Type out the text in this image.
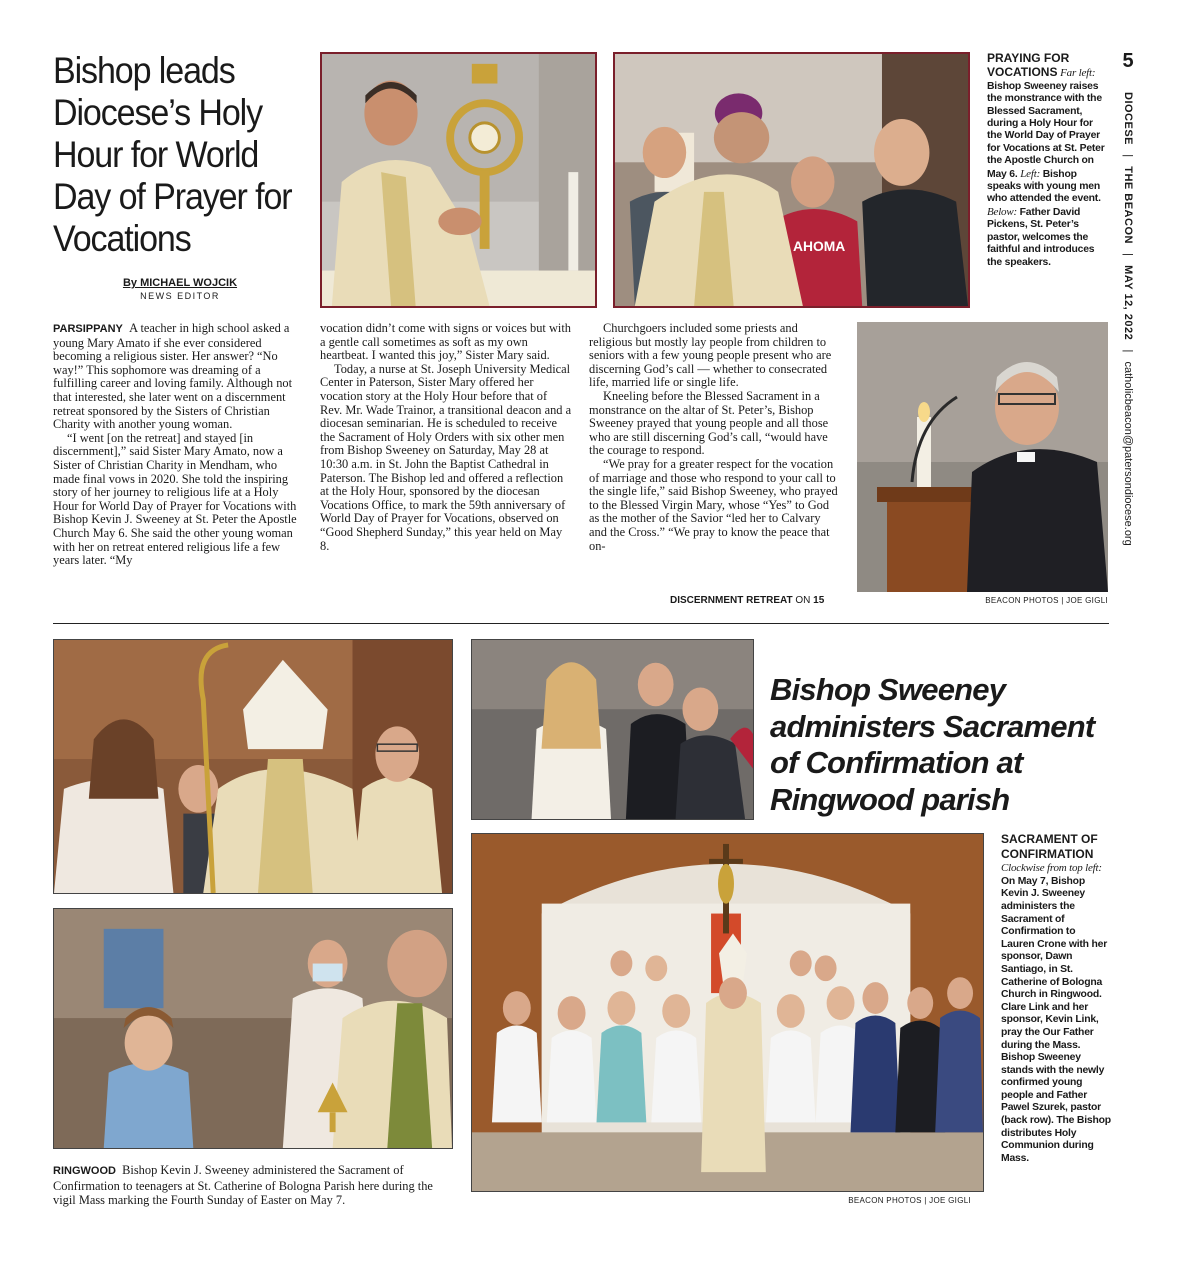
Bishop leads Diocese’s Holy Hour for World Day of Prayer for Vocations
By MICHAEL WOJCIK
NEWS EDITOR

PARSIPPANY A teacher in high school asked a young Mary Amato if she ever considered becoming a religious sister. Her answer? “No way!” This sophomore was dreaming of a fulfilling career and loving family. Although not that interested, she later went on a discernment retreat sponsored by the Sisters of Christian Charity with another young woman.

“I went [on the retreat] and stayed [in discernment],” said Sister Mary Amato, now a Sister of Christian Charity in Mendham, who made final vows in 2020. She told the inspiring story of her journey to religious life at a Holy Hour for World Day of Prayer for Vocations with Bishop Kevin J. Sweeney at St. Peter the Apostle Church May 6. She said the other young woman with her on retreat entered religious life a few years later. “My

vocation didn’t come with signs or voices but with a gentle call sometimes as soft as my own heartbeat. I wanted this joy,” Sister Mary said.

Today, a nurse at St. Joseph University Medical Center in Paterson, Sister Mary offered her vocation story at the Holy Hour before that of Rev. Mr. Wade Trainor, a transitional deacon and a diocesan seminarian. He is scheduled to receive the Sacrament of Holy Orders with six other men from Bishop Sweeney on Saturday, May 28 at 10:30 a.m. in St. John the Baptist Cathedral in Paterson. The Bishop led and offered a reflection at the Holy Hour, sponsored by the diocesan Vocations Office, to mark the 59th anniversary of World Day of Prayer for Vocations, observed on “Good Shepherd Sunday,” this year held on May 8.

Churchgoers included some priests and religious but mostly lay people from children to seniors with a few young people present who are discerning God’s call — whether to consecrated life, married life or single life.

Kneeling before the Blessed Sacrament in a monstrance on the altar of St. Peter’s, Bishop Sweeney prayed that young people and all those who are still discerning God’s call, “would have the courage to respond.

“We pray for a greater respect for the vocation of marriage and those who respond to your call to the single life,” said Bishop Sweeney, who prayed to the Blessed Virgin Mary, whose “Yes” to God as the mother of the Savior “led her to Calvary and the Cross.” “We pray to know the peace that on-

DISCERNMENT RETREAT ON 15
AHOMA
PRAYING FOR
VOCATIONS Far left: Bishop Sweeney raises the monstrance with the Blessed Sacrament, during a Holy Hour for the World Day of Prayer for Vocations at St. Peter the Apostle Church on May 6. Left: Bishop speaks with young men who attended the event. Below: Father David Pickens, St. Peter’s pastor, welcomes the faithful and introduces the speakers.
BEACON PHOTOS | JOE GIGLI
5
DIOCESE   |   THE BEACON   |   MAY 12, 2022   |   catholicbeacon@patersondiocese.org
Bishop Sweeney administers Sacrament of Confirmation at Ringwood parish
BEACON PHOTOS | JOE GIGLI
SACRAMENT OF
CONFIRMATION
Clockwise from top left: On May 7, Bishop Kevin J. Sweeney administers the Sacrament of Confirmation to Lauren Crone with her sponsor, Dawn Santiago, in St. Catherine of Bologna Church in Ringwood. Clare Link and her sponsor, Kevin Link, pray the Our Father during the Mass. Bishop Sweeney stands with the newly confirmed young people and Father Pawel Szurek, pastor (back row). The Bishop distributes Holy Communion during Mass.
RINGWOOD Bishop Kevin J. Sweeney administered the Sacrament of Confirmation to teenagers at St. Catherine of Bologna Parish here during the vigil Mass marking the Fourth Sunday of Easter on May 7.
